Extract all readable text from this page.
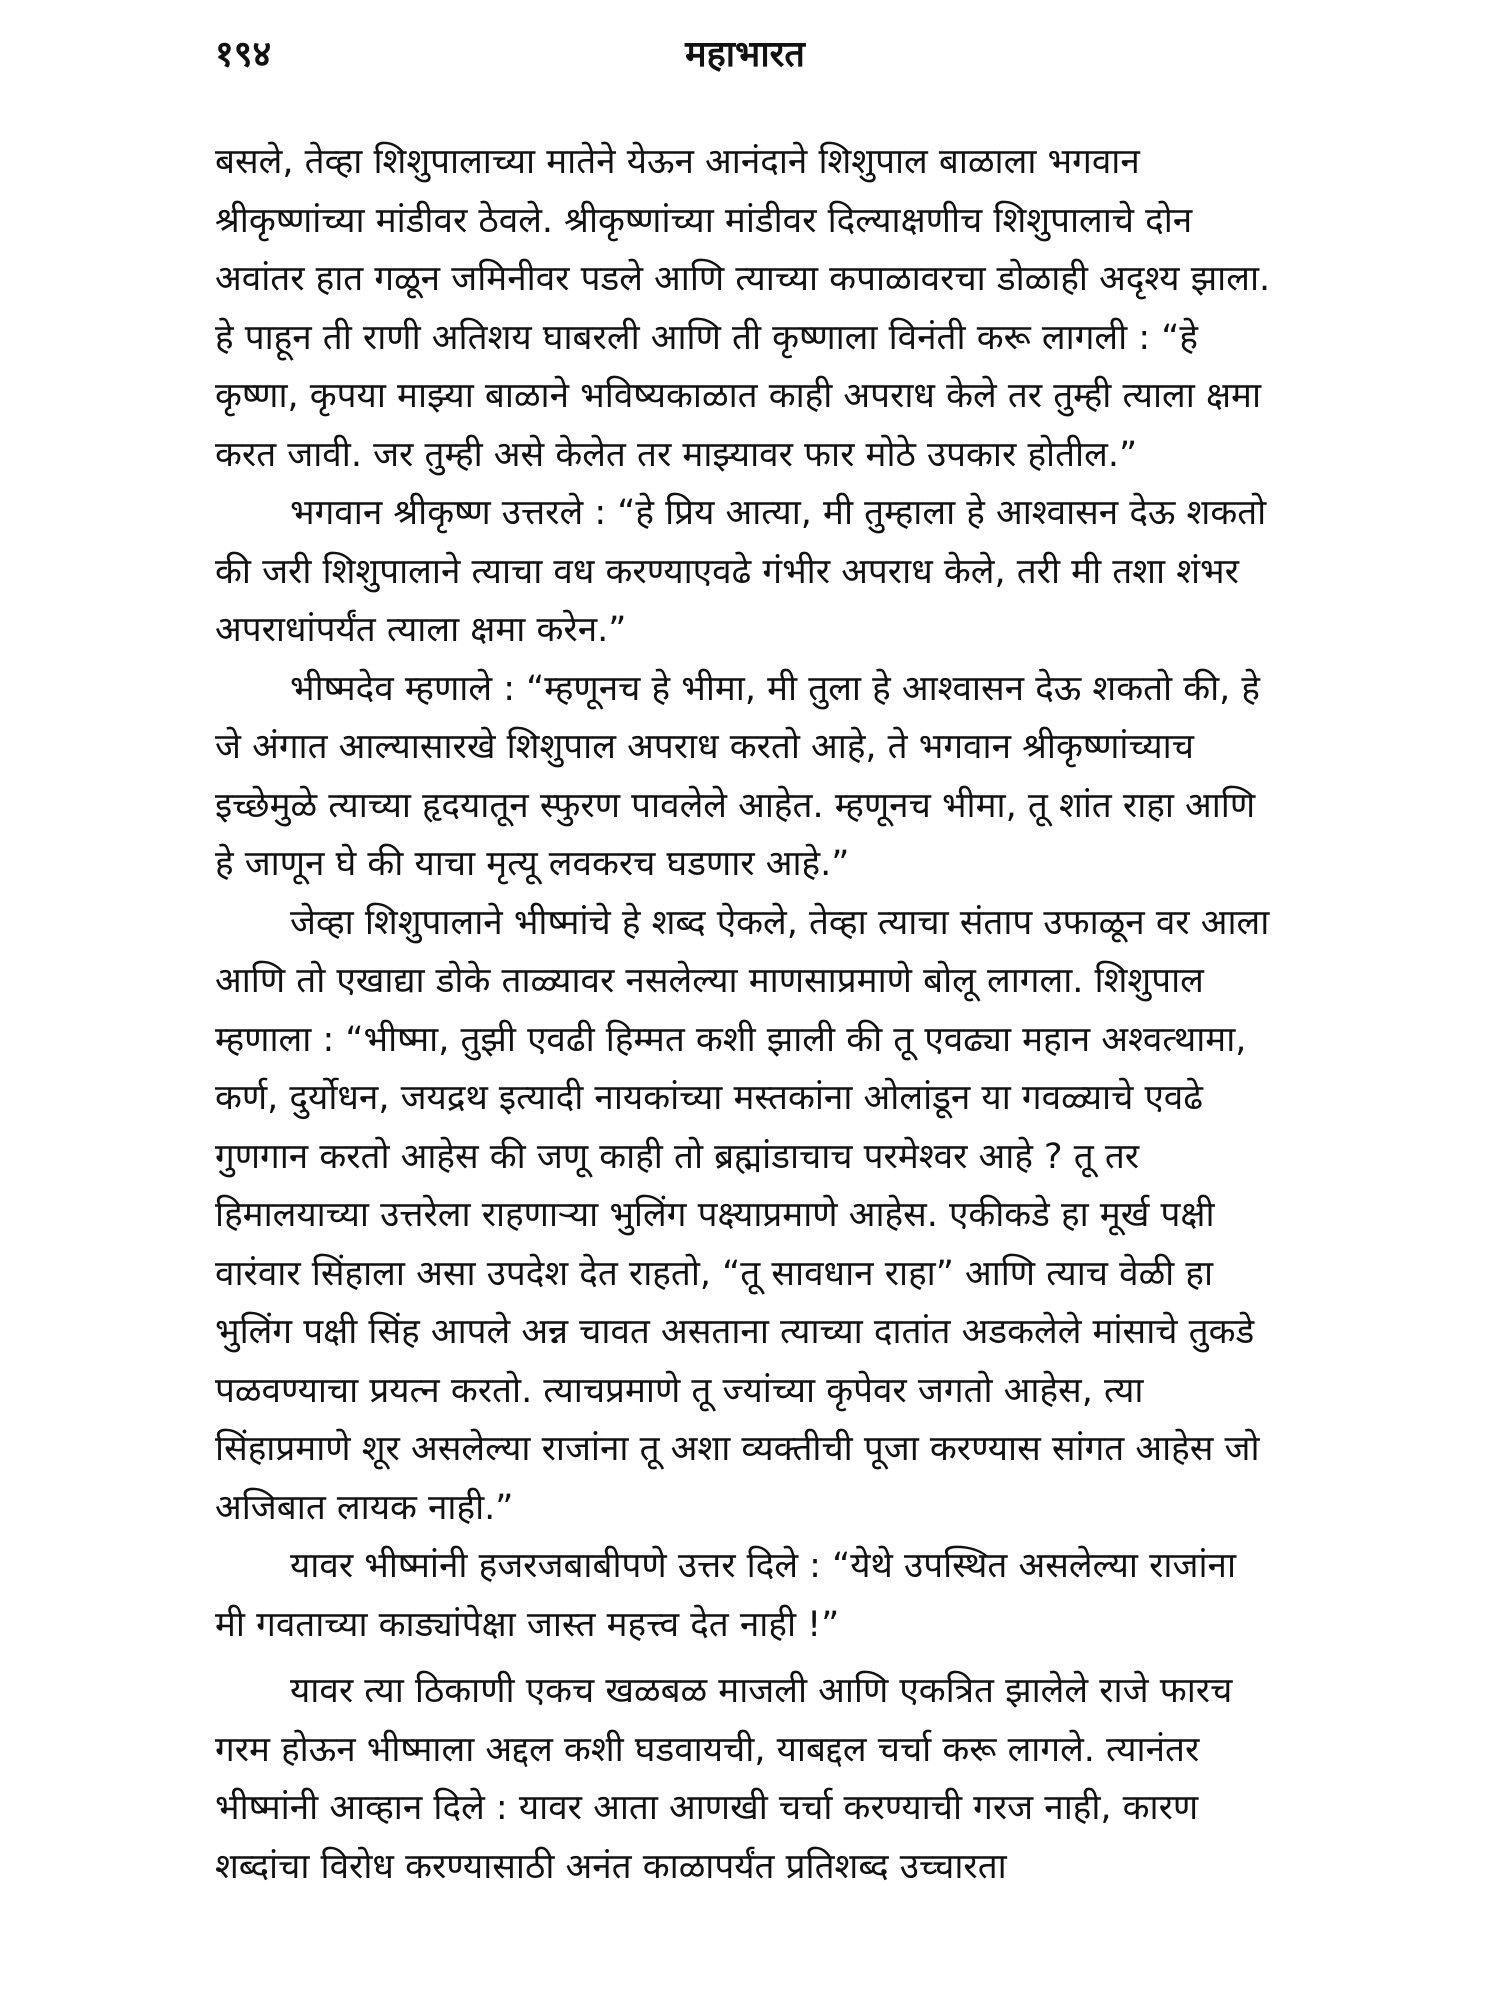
१९४	महाभारत

बसले, तेव्हा शिशुपालाच्या मातेने येऊन आनंदाने शिशुपाल बाळाला भगवान श्रीकृष्णांच्या मांडीवर ठेवले. श्रीकृष्णांच्या मांडीवर दिल्याक्षणीच शिशुपालाचे दोन अवांतर हात गळून जमिनीवर पडले आणि त्याच्या कपाळावरचा डोळाही अदृश्य झाला. हे पाहून ती राणी अतिशय घाबरली आणि ती कृष्णाला विनंती करू लागली : “हे कृष्णा, कृपया माझ्या बाळाने भविष्यकाळात काही अपराध केले तर तुम्ही त्याला क्षमा करत जावी. जर तुम्ही असे केलेत तर माझ्यावर फार मोठे उपकार होतील.”

भगवान श्रीकृष्ण उत्तरले : “हे प्रिय आत्या, मी तुम्हाला हे आश्वासन देऊ शकतो की जरी शिशुपालाने त्याचा वध करण्याएवढे गंभीर अपराध केले, तरी मी तशा शंभर अपराधांपर्यंत त्याला क्षमा करेन.”

भीष्मदेव म्हणाले : “म्हणूनच हे भीमा, मी तुला हे आश्वासन देऊ शकतो की, हे जे अंगात आल्यासारखे शिशुपाल अपराध करतो आहे, ते भगवान श्रीकृष्णांच्याच इच्छेमुळे त्याच्या हृदयातून स्फुरण पावलेले आहेत. म्हणूनच भीमा, तू शांत राहा आणि हे जाणून घे की याचा मृत्यू लवकरच घडणार आहे.”

जेव्हा शिशुपालाने भीष्मांचे हे शब्द ऐकले, तेव्हा त्याचा संताप उफाळून वर आला आणि तो एखाद्या डोके ताळ्यावर नसलेल्या माणसाप्रमाणे बोलू लागला. शिशुपाल म्हणाला : “भीष्मा, तुझी एवढी हिम्मत कशी झाली की तू एवढ्या महान अश्वत्थामा, कर्ण, दुर्योधन, जयद्रथ इत्यादी नायकांच्या मस्तकांना ओलांडून या गवळ्याचे एवढे गुणगान करतो आहेस की जणू काही तो ब्रह्मांडाचाच परमेश्वर आहे ? तू तर हिमालयाच्या उत्तरेला राहणाऱ्या भुलिंग पक्ष्याप्रमाणे आहेस. एकीकडे हा मूर्ख पक्षी वारंवार सिंहाला असा उपदेश देत राहतो, “तू सावधान राहा” आणि त्याच वेळी हा भुलिंग पक्षी सिंह आपले अन्न चावत असताना त्याच्या दातांत अडकलेले मांसाचे तुकडे पळवण्याचा प्रयत्न करतो. त्याचप्रमाणे तू ज्यांच्या कृपेवर जगतो आहेस, त्या सिंहाप्रमाणे शूर असलेल्या राजांना तू अशा व्यक्तीची पूजा करण्यास सांगत आहेस जो अजिबात लायक नाही.”

यावर भीष्मांनी हजरजबाबीपणे उत्तर दिले : “येथे उपस्थित असलेल्या राजांना मी गवताच्या काड्यांपेक्षा जास्त महत्त्व देत नाही !”

यावर त्या ठिकाणी एकच खळबळ माजली आणि एकत्रित झालेले राजे फारच गरम होऊन भीष्माला अद्दल कशी घडवायची, याबद्दल चर्चा करू लागले. त्यानंतर भीष्मांनी आव्हान दिले : यावर आता आणखी चर्चा करण्याची गरज नाही, कारण शब्दांचा विरोध करण्यासाठी अनंत काळापर्यंत प्रतिशब्द उच्चारता
